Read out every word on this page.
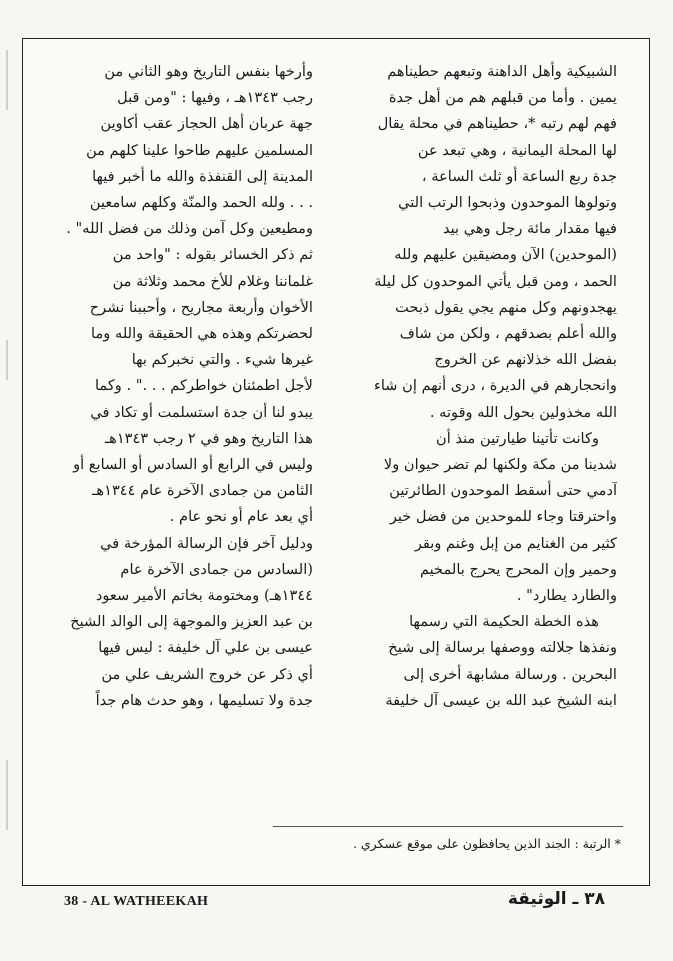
الشبيكية وأهل الداهنة وتبعهم حطيناهم
يمين . وأما من قبلهم هم من أهل جدة
فهم لهم رتبه *، حطيناهم في محلة يقال
لها المحلة اليمانية ، وهي تبعد عن
جدة ربع الساعة أو ثلث الساعة ،
وتولوها الموحدون وذبحوا الرتب التي
فيها مقدار مائة رجل وهي بيد
(الموحدين) الآن ومضيقين عليهم ولله
الحمد ، ومن قبل يأتي الموحدون كل ليلة
يهجدونهم وكل منهم يجي يقول ذبحت
والله أعلم بصدقهم ، ولكن من شاف
بفضل الله خذلانهم عن الخروج
وانحجارهم في الديرة ، درى أنهم إن شاء
الله مخذولين بحول الله وقوته .
وكانت تأتينا طيارتين منذ أن
شدينا من مكة ولكنها لم تضر حيوان ولا
آدمي حتى أسقط الموحدون الطائرتين
واحترقتا وجاء للموحدين من فضل خير
كثير من الغنايم من إبل وغنم وبقر
وحمير وإن المحرج يحرج بالمخيم
والطارد يطارد" .
هذه الخطة الحكيمة التي رسمها
ونفذها جلالته ووصفها برسالة إلى شيخ
البحرين . ورسالة مشابهة أخرى إلى
ابنه الشيخ عبد الله بن عيسى آل خليفة
وأرخها بنفس التاريخ وهو الثاني من
رجب ١٣٤٣هـ ، وفيها : "ومن قبل
جهة عربان أهل الحجاز عقب أكاوين
المسلمين عليهم طاحوا علينا كلهم من
المدينة إلى القنفذة والله ما أخبر فيها
. . . ولله الحمد والمنّة وكلهم سامعين
ومطيعين وكل آمن وذلك من فضل الله" .
ثم ذكر الخسائر بقوله : "واحد من
غلماننا وغلام للأخ محمد وثلاثة من
الأخوان وأربعة مجاريح ، وأحببنا نشرح
لحضرتكم وهذه هي الحقيقة والله وما
غيرها شيء . والتي نخبركم بها
لأجل اطمئنان خواطركم . . ." . وكما
يبدو لنا أن جدة استسلمت أو تكاد في
هذا التاريخ وهو في ٢ رجب ١٣٤٣هـ
وليس في الرابع أو السادس أو السابع أو
الثامن من جمادى الآخرة عام ١٣٤٤هـ
أي بعد عام أو نحو عام .
ودليل آخر فإن الرسالة المؤرخة في
(السادس من جمادى الآخرة عام
١٣٤٤هـ) ومختومة بخاتم الأمير سعود
بن عبد العزيز والموجهة إلى الوالد الشيخ
عيسى بن علي آل خليفة : ليس فيها
أي ذكر عن خروج الشريف علي من
جدة ولا تسليمها ، وهو حدث هام جداً
* الرتبة : الجند الذين يحافظون على موقع عسكري .
38 - AL WATHEEKAH	٣٨ ـ الوثيقة
